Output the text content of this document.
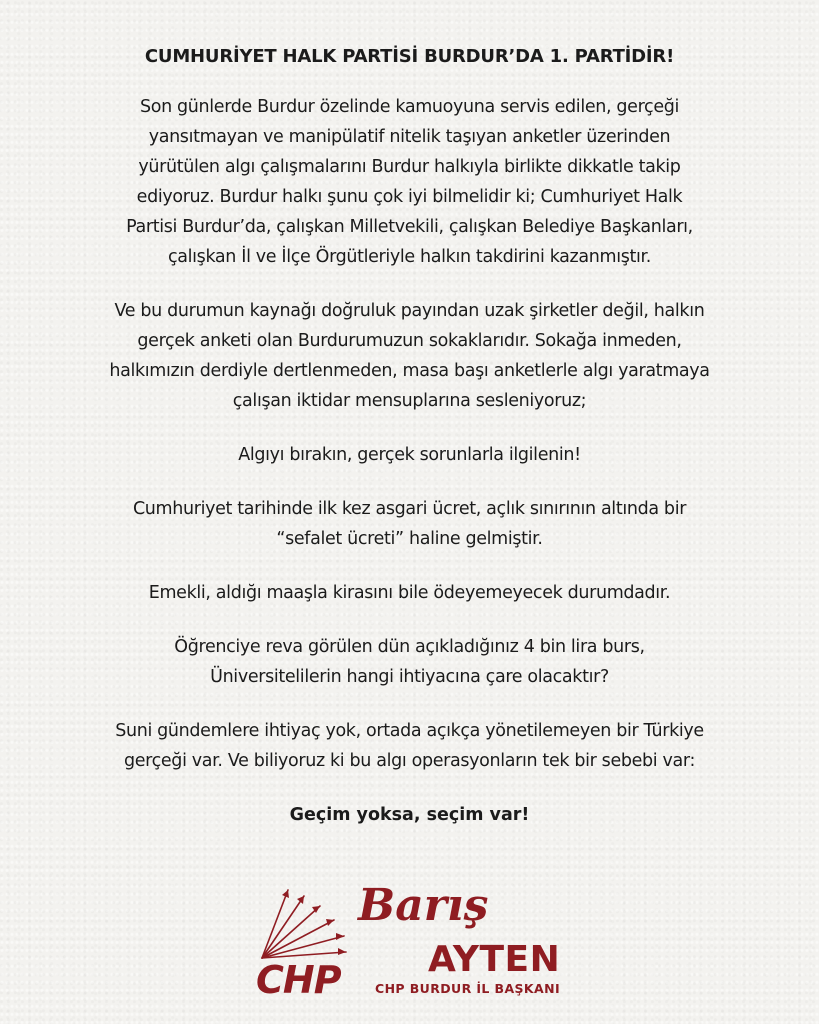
CUMHURİYET HALK PARTİSİ BURDUR’DA 1. PARTİDİR!
Son günlerde Burdur özelinde kamuoyuna servis edilen, gerçeği
yansıtmayan ve manipülatif nitelik taşıyan anketler üzerinden
yürütülen algı çalışmalarını Burdur halkıyla birlikte dikkatle takip
ediyoruz. Burdur halkı şunu çok iyi bilmelidir ki; Cumhuriyet Halk
Partisi Burdur’da, çalışkan Milletvekili, çalışkan Belediye Başkanları,
çalışkan İl ve İlçe Örgütleriyle halkın takdirini kazanmıştır.
Ve bu durumun kaynağı doğruluk payından uzak şirketler değil, halkın
gerçek anketi olan Burdurumuzun sokaklarıdır. Sokağa inmeden,
halkımızın derdiyle dertlenmeden, masa başı anketlerle algı yaratmaya
çalışan iktidar mensuplarına sesleniyoruz;
Algıyı bırakın, gerçek sorunlarla ilgilenin!
Cumhuriyet tarihinde ilk kez asgari ücret, açlık sınırının altında bir
“sefalet ücreti” haline gelmiştir.
Emekli, aldığı maaşla kirasını bile ödeyemeyecek durumdadır.
Öğrenciye reva görülen dün açıkladığınız 4 bin lira burs,
Üniversitelilerin hangi ihtiyacına çare olacaktır?
Suni gündemlere ihtiyaç yok, ortada açıkça yönetilemeyen bir Türkiye
gerçeği var. Ve biliyoruz ki bu algı operasyonların tek bir sebebi var:
Geçim yoksa, seçim var!
CHP
Barış
AYTEN
CHP BURDUR İL BAŞKANI
